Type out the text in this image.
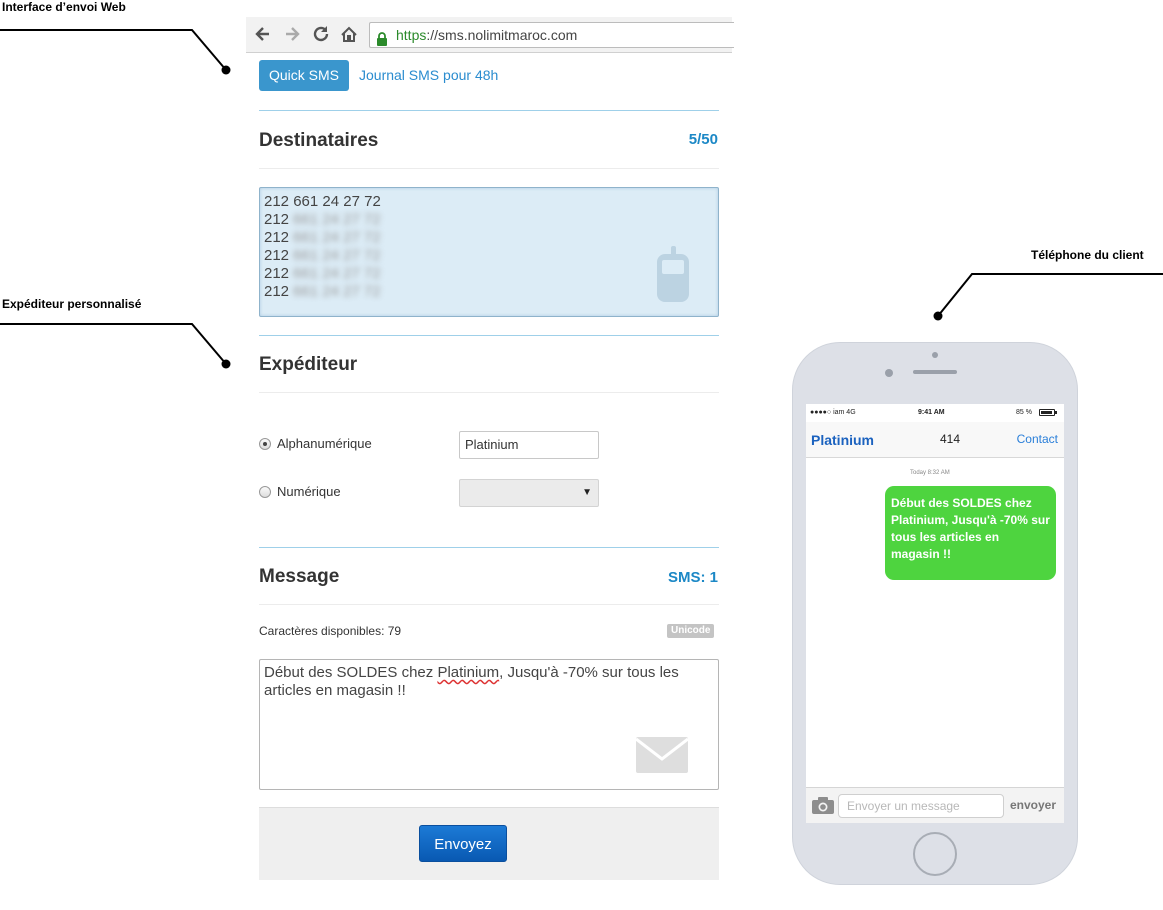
Interface d’envoi Web
Expéditeur personnalisé
Téléphone du client
https://sms.nolimitmaroc.com
Quick SMS	Journal SMS pour 48h
Destinataires	5/50
212 661 24 27 72
212 661 24 27 72
212 661 24 27 72
212 661 24 27 72
212 661 24 27 72
212 661 24 27 72
Expéditeur
Alphanumérique	Platinium
Numérique	▼
Message	SMS: 1
Caractères disponibles: 79	Unicode
Début des SOLDES chez Platinium, Jusqu'à -70% sur tous les articles en magasin !!
Envoyez
●●●●○ iam 4G	9:41 AM	85 %
Platinium	414	Contact
Today 8:32 AM
Début des SOLDES chez Platinium, Jusqu'à -70% sur tous les articles en magasin !!
Envoyer un message	envoyer
